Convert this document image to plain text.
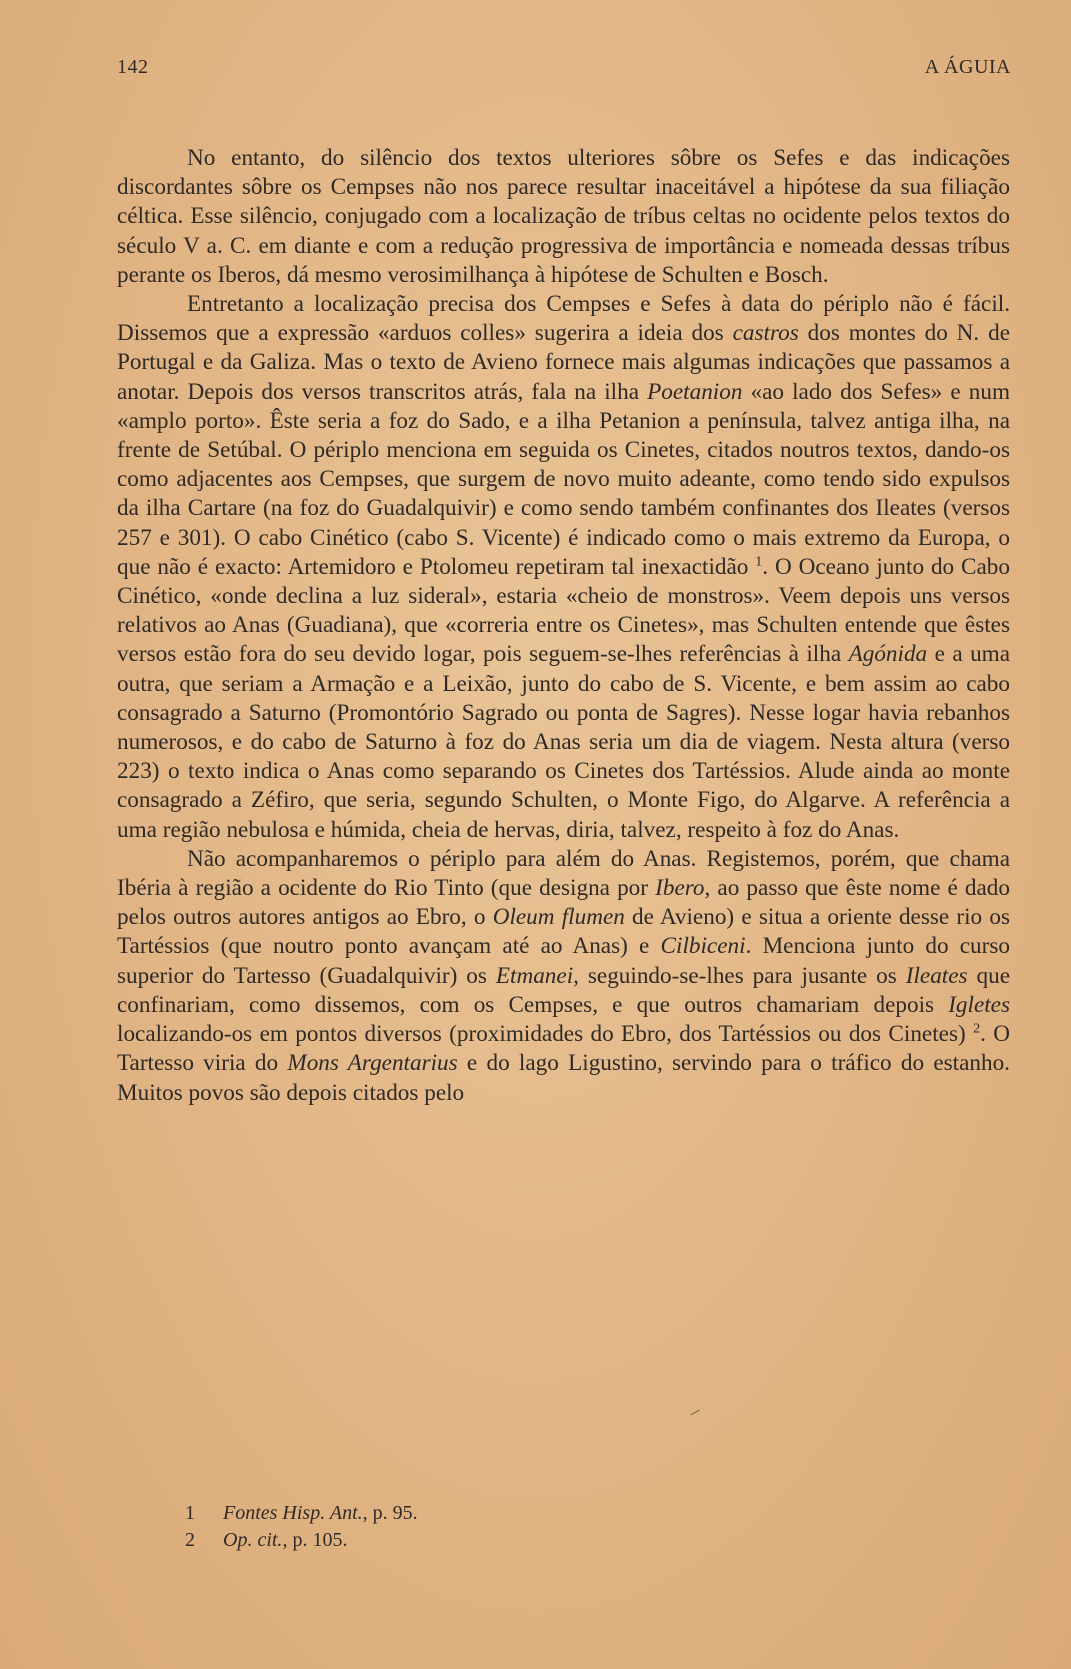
142	A ÁGUIA

No entanto, do silêncio dos textos ulteriores sôbre os Sefes e das indicações discordantes sôbre os Cempses não nos parece resultar inaceitável a hipótese da sua filiação céltica. Esse silêncio, conjugado com a localização de tríbus celtas no ocidente pelos textos do século V a. C. em diante e com a redução progressiva de importância e nomeada dessas tríbus perante os Iberos, dá mesmo verosimilhança à hipótese de Schulten e Bosch.

Entretanto a localização precisa dos Cempses e Sefes à data do périplo não é fácil. Dissemos que a expressão «arduos colles» sugerira a ideia dos castros dos montes do N. de Portugal e da Galiza. Mas o texto de Avieno fornece mais algumas indicações que passamos a anotar. Depois dos versos transcritos atrás, fala na ilha Poetanion «ao lado dos Sefes» e num «amplo porto». Êste seria a foz do Sado, e a ilha Petanion a península, talvez antiga ilha, na frente de Setúbal. O périplo menciona em seguida os Cinetes, citados noutros textos, dando-os como adjacentes aos Cempses, que surgem de novo muito adeante, como tendo sido expulsos da ilha Cartare (na foz do Guadalquivir) e como sendo também confinantes dos Ileates (versos 257 e 301). O cabo Cinético (cabo S. Vicente) é indicado como o mais extremo da Europa, o que não é exacto: Artemidoro e Ptolomeu repetiram tal inexactidão $^1$. O Oceano junto do Cabo Cinético, «onde declina a luz sideral», estaria «cheio de monstros». Veem depois uns versos relativos ao Anas (Guadiana), que «correria entre os Cinetes», mas Schulten entende que êstes versos estão fora do seu devido logar, pois seguem-se-lhes referências à ilha Agónida e a uma outra, que seriam a Armação e a Leixão, junto do cabo de S. Vicente, e bem assim ao cabo consagrado a Saturno (Promontório Sagrado ou ponta de Sagres). Nesse logar havia rebanhos numerosos, e do cabo de Saturno à foz do Anas seria um dia de viagem. Nesta altura (verso 223) o texto indica o Anas como separando os Cinetes dos Tartéssios. Alude ainda ao monte consagrado a Zéfiro, que seria, segundo Schulten, o Monte Figo, do Algarve. A referência a uma região nebulosa e húmida, cheia de hervas, diria, talvez, respeito à foz do Anas.

Não acompanharemos o périplo para além do Anas. Registemos, porém, que chama Ibéria à região a ocidente do Rio Tinto (que designa por Ibero, ao passo que êste nome é dado pelos outros autores antigos ao Ebro, o Oleum flumen de Avieno) e situa a oriente desse rio os Tartéssios (que noutro ponto avançam até ao Anas) e Cilbiceni. Menciona junto do curso superior do Tartesso (Guadalquivir) os Etmanei, seguindo-se-lhes para jusante os Ileates que confinariam, como dissemos, com os Cempses, e que outros chamariam depois Igletes localizando-os em pontos diversos (proximidades do Ebro, dos Tartéssios ou dos Cinetes) $^2$. O Tartesso viria do Mons Argentarius e do lago Ligustino, servindo para o tráfico do estanho. Muitos povos são depois citados pelo

1 Fontes Hisp. Ant., p. 95.
2 Op. cit., p. 105.
